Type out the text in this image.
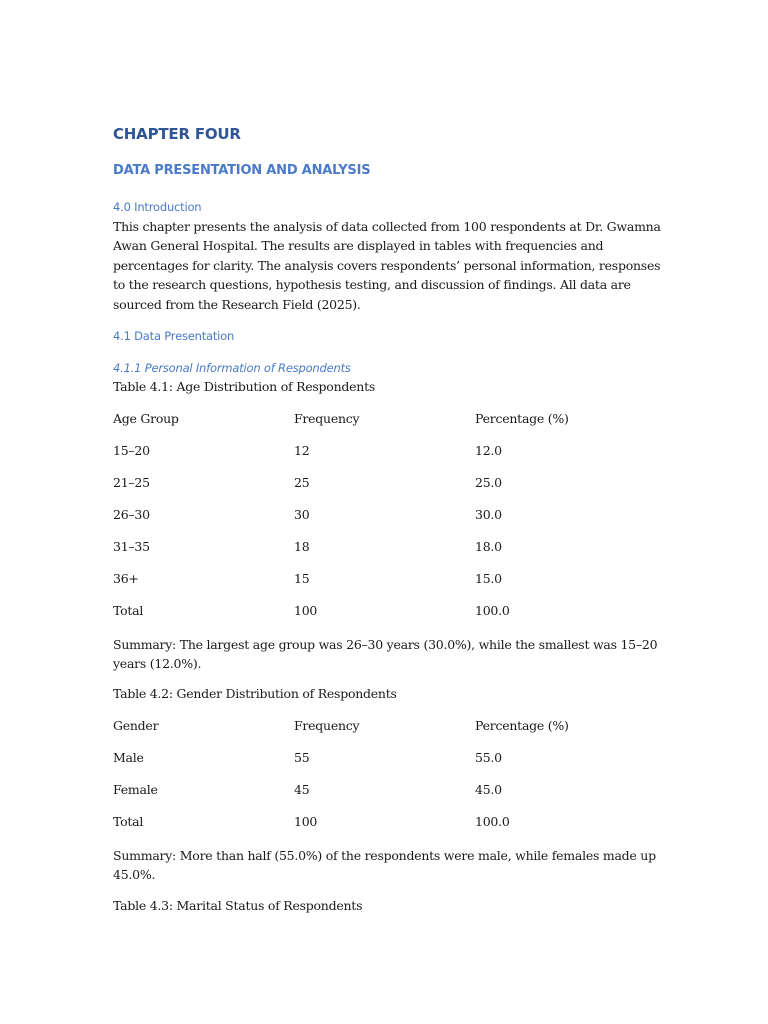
CHAPTER FOUR
DATA PRESENTATION AND ANALYSIS
4.0 Introduction
This chapter presents the analysis of data collected from 100 respondents at Dr. Gwamna Awan General Hospital. The results are displayed in tables with frequencies and percentages for clarity. The analysis covers respondents’ personal information, responses to the research questions, hypothesis testing, and discussion of findings. All data are sourced from the Research Field (2025).
4.1 Data Presentation
4.1.1 Personal Information of Respondents
Table 4.1: Age Distribution of Respondents
Age Group	Frequency	Percentage (%)
15–20	12	12.0
21–25	25	25.0
26–30	30	30.0
31–35	18	18.0
36+	15	15.0
Total	100	100.0
Summary: The largest age group was 26–30 years (30.0%), while the smallest was 15–20 years (12.0%).
Table 4.2: Gender Distribution of Respondents
Gender	Frequency	Percentage (%)
Male	55	55.0
Female	45	45.0
Total	100	100.0
Summary: More than half (55.0%) of the respondents were male, while females made up 45.0%.
Table 4.3: Marital Status of Respondents
